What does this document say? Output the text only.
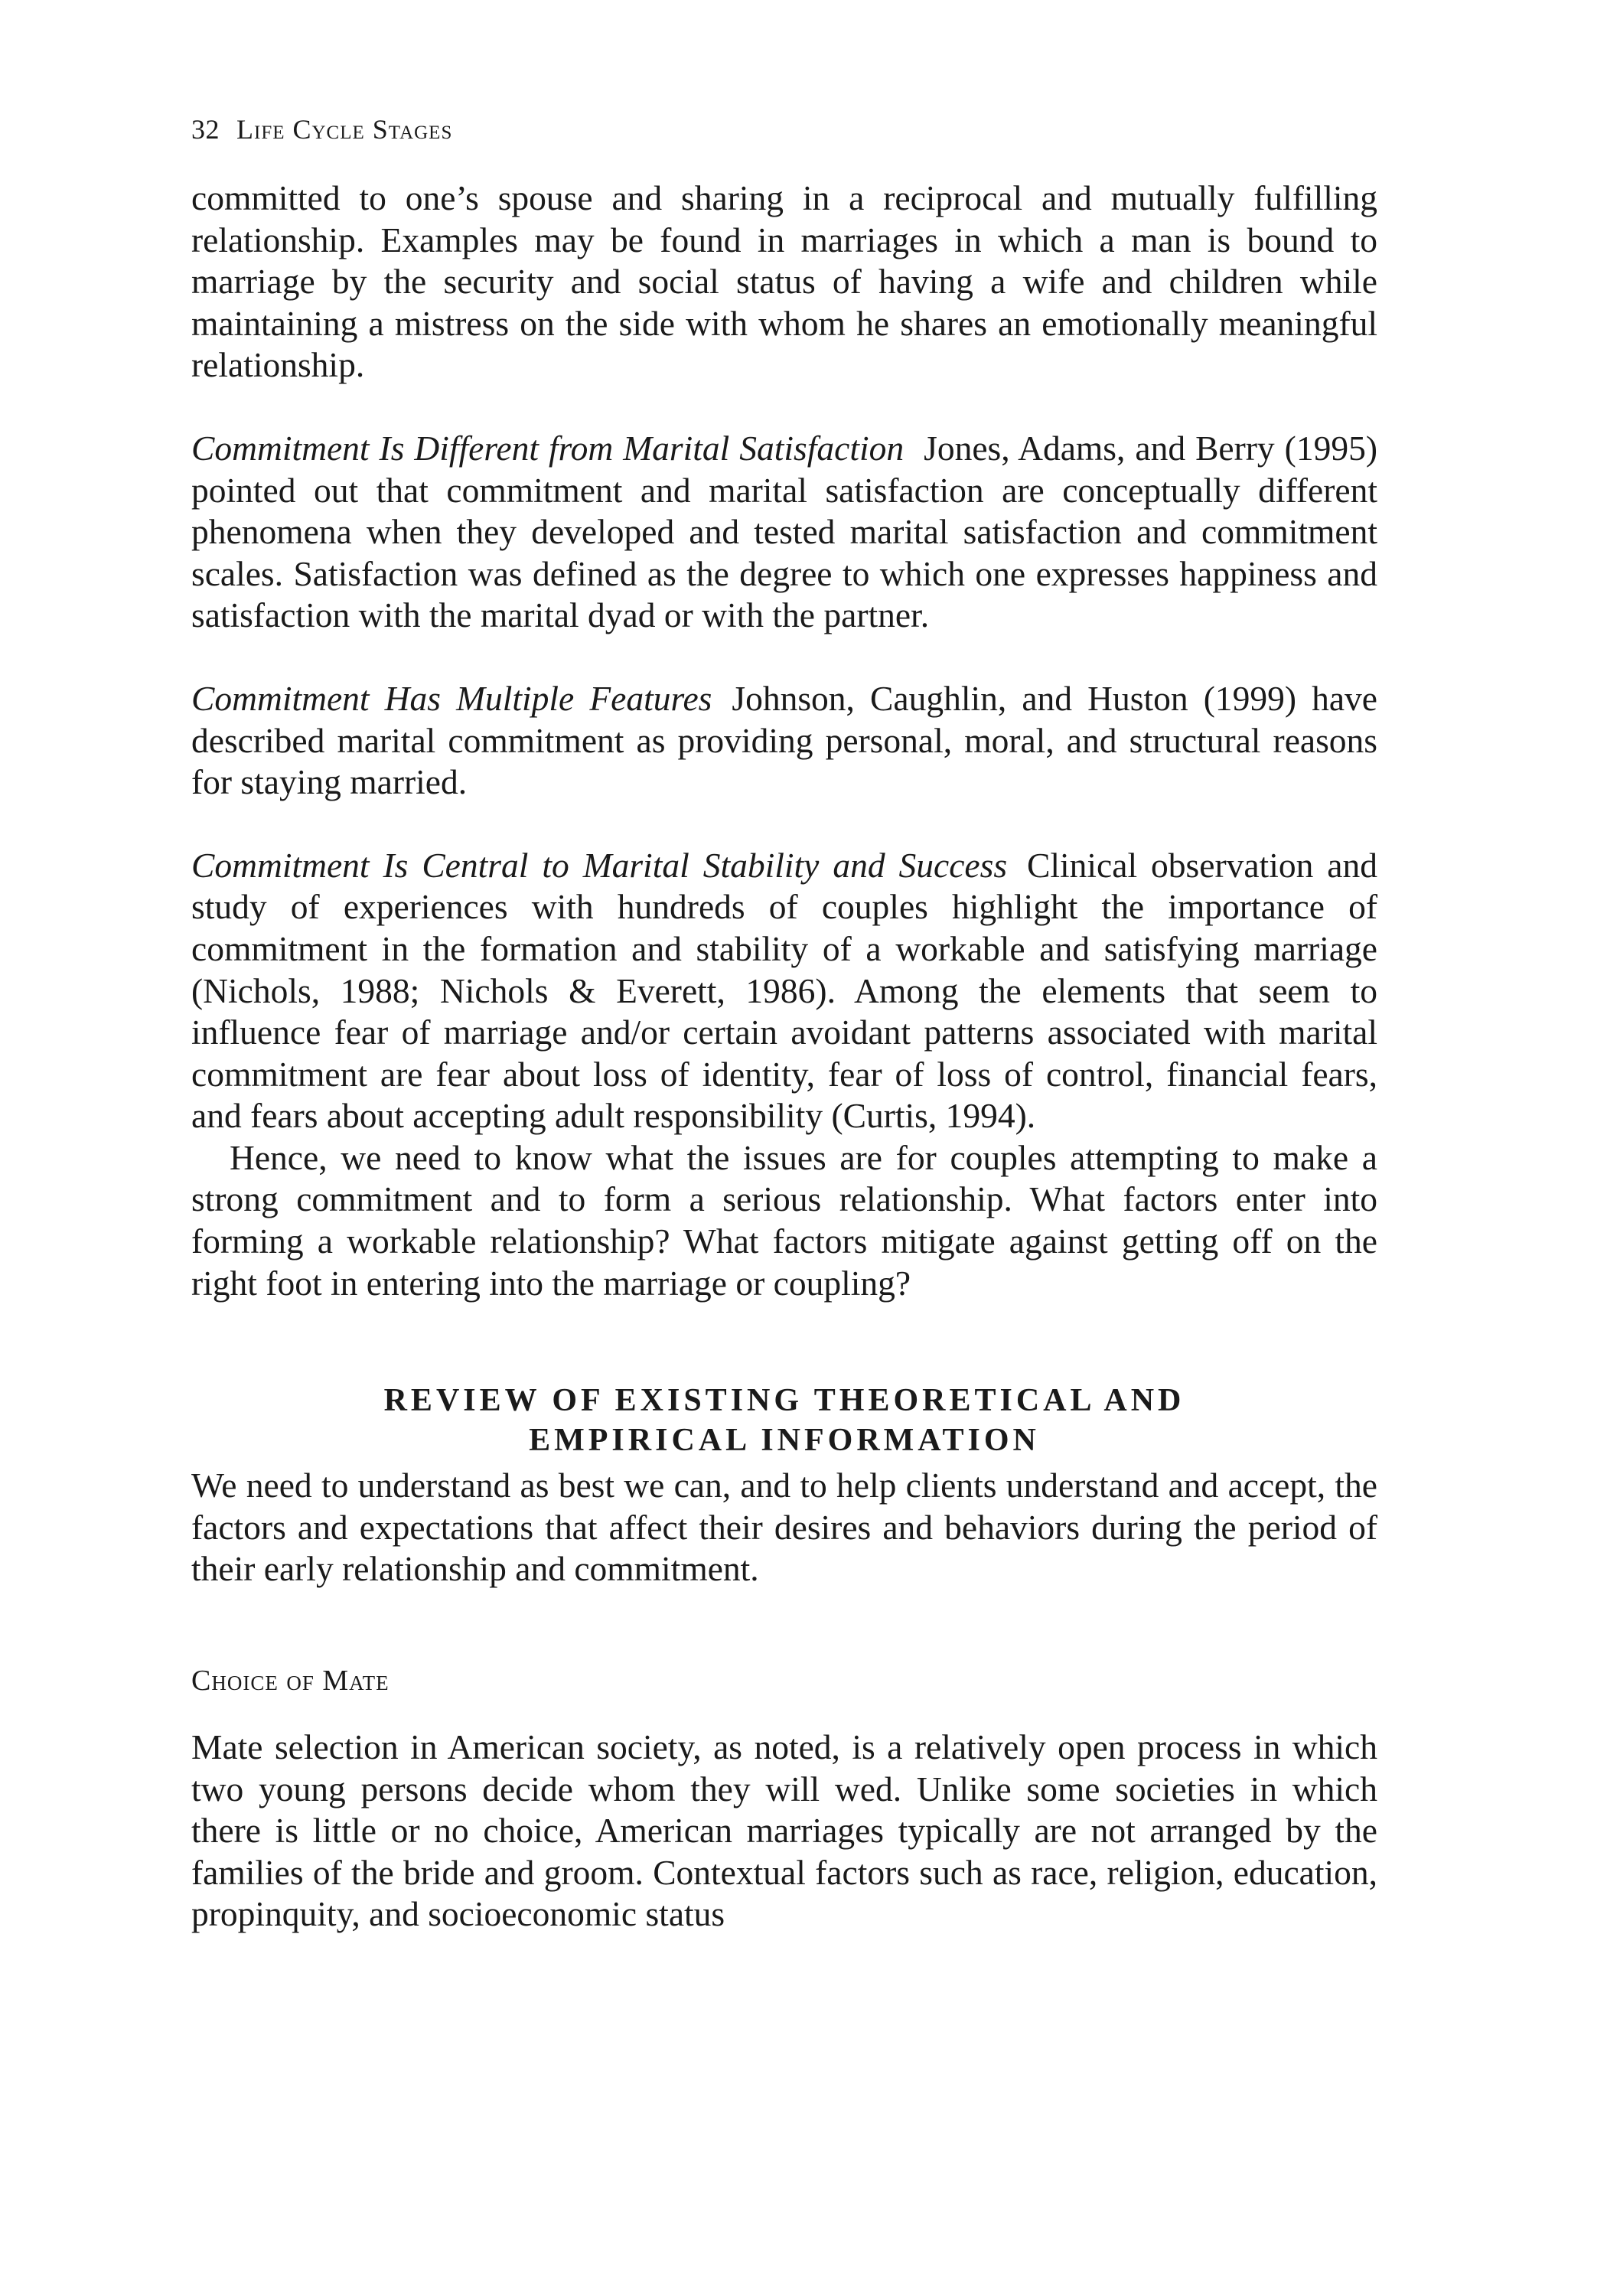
32 Life Cycle Stages

committed to one’s spouse and sharing in a reciprocal and mutually fulfilling relationship. Examples may be found in marriages in which a man is bound to marriage by the security and social status of having a wife and children while maintaining a mistress on the side with whom he shares an emotionally meaningful relationship.

Commitment Is Different from Marital Satisfaction Jones, Adams, and Berry (1995) pointed out that commitment and marital satisfaction are conceptually different phenomena when they developed and tested marital satisfaction and commitment scales. Satisfaction was defined as the degree to which one expresses happiness and satisfaction with the marital dyad or with the partner.

Commitment Has Multiple Features Johnson, Caughlin, and Huston (1999) have described marital commitment as providing personal, moral, and structural reasons for staying married.

Commitment Is Central to Marital Stability and Success Clinical observation and study of experiences with hundreds of couples highlight the importance of commitment in the formation and stability of a workable and satisfying marriage (Nichols, 1988; Nichols & Everett, 1986). Among the elements that seem to influence fear of marriage and/or certain avoidant patterns associated with marital commitment are fear about loss of identity, fear of loss of control, financial fears, and fears about accepting adult responsibility (Curtis, 1994).

Hence, we need to know what the issues are for couples attempting to make a strong commitment and to form a serious relationship. What factors enter into forming a workable relationship? What factors mitigate against getting off on the right foot in entering into the marriage or coupling?

REVIEW OF EXISTING THEORETICAL AND
EMPIRICAL INFORMATION

We need to understand as best we can, and to help clients understand and accept, the factors and expectations that affect their desires and behaviors during the period of their early relationship and commitment.

Choice of Mate

Mate selection in American society, as noted, is a relatively open process in which two young persons decide whom they will wed. Unlike some societies in which there is little or no choice, American marriages typically are not arranged by the families of the bride and groom. Contextual factors such as race, religion, education, propinquity, and socioeconomic status
